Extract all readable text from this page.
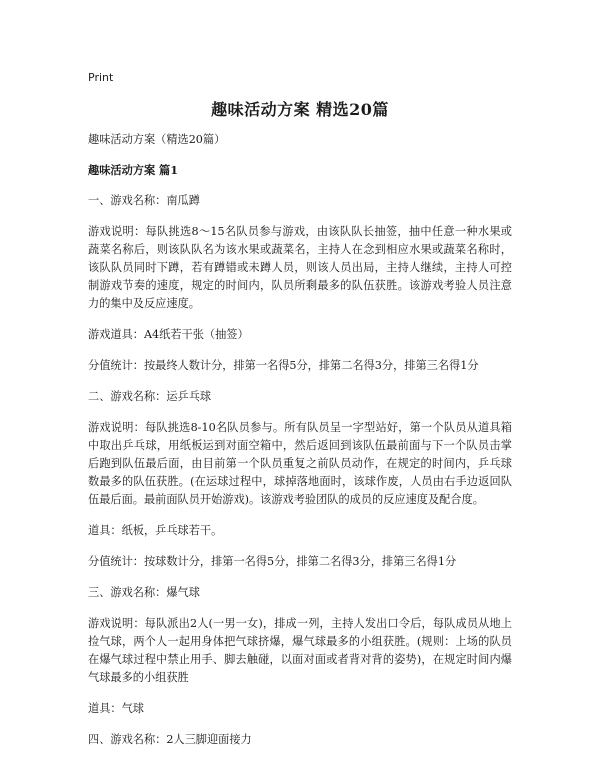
Print
趣味活动方案 精选20篇

趣味活动方案（精选20篇）

趣味活动方案 篇1

一、游戏名称：南瓜蹲

游戏说明：每队挑选8～15名队员参与游戏，由该队队长抽签，抽中任意一种水果或蔬菜名称后，则该队队名为该水果或蔬菜名，主持人在念到相应水果或蔬菜名称时，该队队员同时下蹲，若有蹲错或未蹲人员，则该人员出局，主持人继续，主持人可控制游戏节奏的速度，规定的时间内，队员所剩最多的队伍获胜。该游戏考验人员注意力的集中及反应速度。

游戏道具：A4纸若干张（抽签）

分值统计：按最终人数计分，排第一名得5分，排第二名得3分，排第三名得1分

二、游戏名称：运乒乓球

游戏说明：每队挑选8-10名队员参与。所有队员呈一字型站好，第一个队员从道具箱中取出乒乓球，用纸板运到对面空箱中，然后返回到该队伍最前面与下一个队员击掌后跑到队伍最后面，由目前第一个队员重复之前队员动作，在规定的时间内，乒乓球数最多的队伍获胜。(在运球过程中，球掉落地面时，该球作废，人员由右手边返回队伍最后面。最前面队员开始游戏)。该游戏考验团队的成员的反应速度及配合度。

道具：纸板，乒乓球若干。

分值统计：按球数计分，排第一名得5分，排第二名得3分，排第三名得1分

三、游戏名称：爆气球

游戏说明：每队派出2人(一男一女)，排成一列，主持人发出口令后，每队成员从地上捡气球，两个人一起用身体把气球挤爆，爆气球最多的小组获胜。(规则：上场的队员在爆气球过程中禁止用手、脚去触碰，以面对面或者背对背的姿势)，在规定时间内爆气球最多的小组获胜

道具：气球

四、游戏名称：2人三脚迎面接力
